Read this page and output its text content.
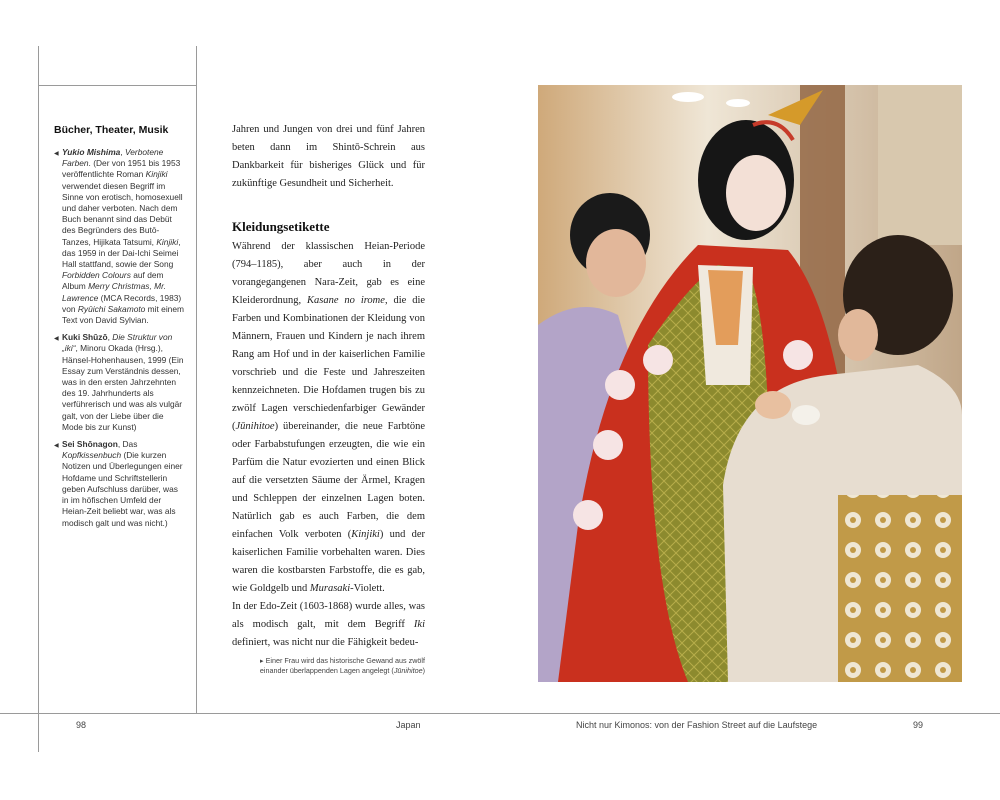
Bücher, Theater, Musik
◀ Yukio Mishima, Verbotene Farben. (Der von 1951 bis 1953 veröffentlichte Roman Kinjiki verwendet diesen Begriff im Sinne von erotisch, homosexuell und daher verboten. Nach dem Buch benannt sind das Debüt des Begründers des Butō-Tanzes, Hijikata Tatsumi, Kinjiki, das 1959 in der Dai-Ichi Seimei Hall stattfand, sowie der Song Forbidden Colours auf dem Album Merry Christmas, Mr. Lawrence (MCA Records, 1983) von Ryūichi Sakamoto mit einem Text von David Sylvian.
◀ Kuki Shūzō, Die Struktur von „iki“, Minoru Okada (Hrsg.), Hänsel-Hohenhausen, 1999 (Ein Essay zum Verständnis dessen, was in den ersten Jahrzehnten des 19. Jahrhunderts als verführerisch und was als vulgär galt, von der Liebe über die Mode bis zur Kunst)
◀ Sei Shōnagon, Das Kopfkissenbuch (Die kurzen Notizen und Überlegungen einer Hofdame und Schriftstellerin geben Aufschluss darüber, was in im höfischen Umfeld der Heian-Zeit beliebt war, was als modisch galt und was nicht.)

Jahren und Jungen von drei und fünf Jahren beten dann im Shintō-Schrein aus Dankbarkeit für bisheriges Glück und für zukünftige Gesundheit und Sicherheit.

Kleidungsetikette

Während der klassischen Heian-Periode (794–1185), aber auch in der vorangegangenen Nara-Zeit, gab es eine Kleiderordnung, Kasane no irome, die die Farben und Kombinationen der Kleidung von Männern, Frauen und Kindern je nach ihrem Rang am Hof und in der kaiserlichen Familie vorschrieb und die Feste und Jahreszeiten kennzeichneten. Die Hofdamen trugen bis zu zwölf Lagen verschiedenfarbiger Gewänder (Jūnihitoe) übereinander, die neue Farbtöne oder Farbabstufungen erzeugten, die wie ein Parfüm die Natur evozierten und einen Blick auf die versetzten Säume der Ärmel, Kragen und Schleppen der einzelnen Lagen boten. Natürlich gab es auch Farben, die dem einfachen Volk verboten (Kinjiki) und der kaiserlichen Familie vorbehalten waren. Dies waren die kostbarsten Farbstoffe, die es gab, wie Goldgelb und Murasaki-Violett.

In der Edo-Zeit (1603-1868) wurde alles, was als modisch galt, mit dem Begriff Iki definiert, was nicht nur die Fähigkeit bedeu-

▸ Einer Frau wird das historische Gewand aus zwölf einander überlappenden Lagen angelegt (Jūnihitoe)
98	Japan	Nicht nur Kimonos: von der Fashion Street auf die Laufstege	99
